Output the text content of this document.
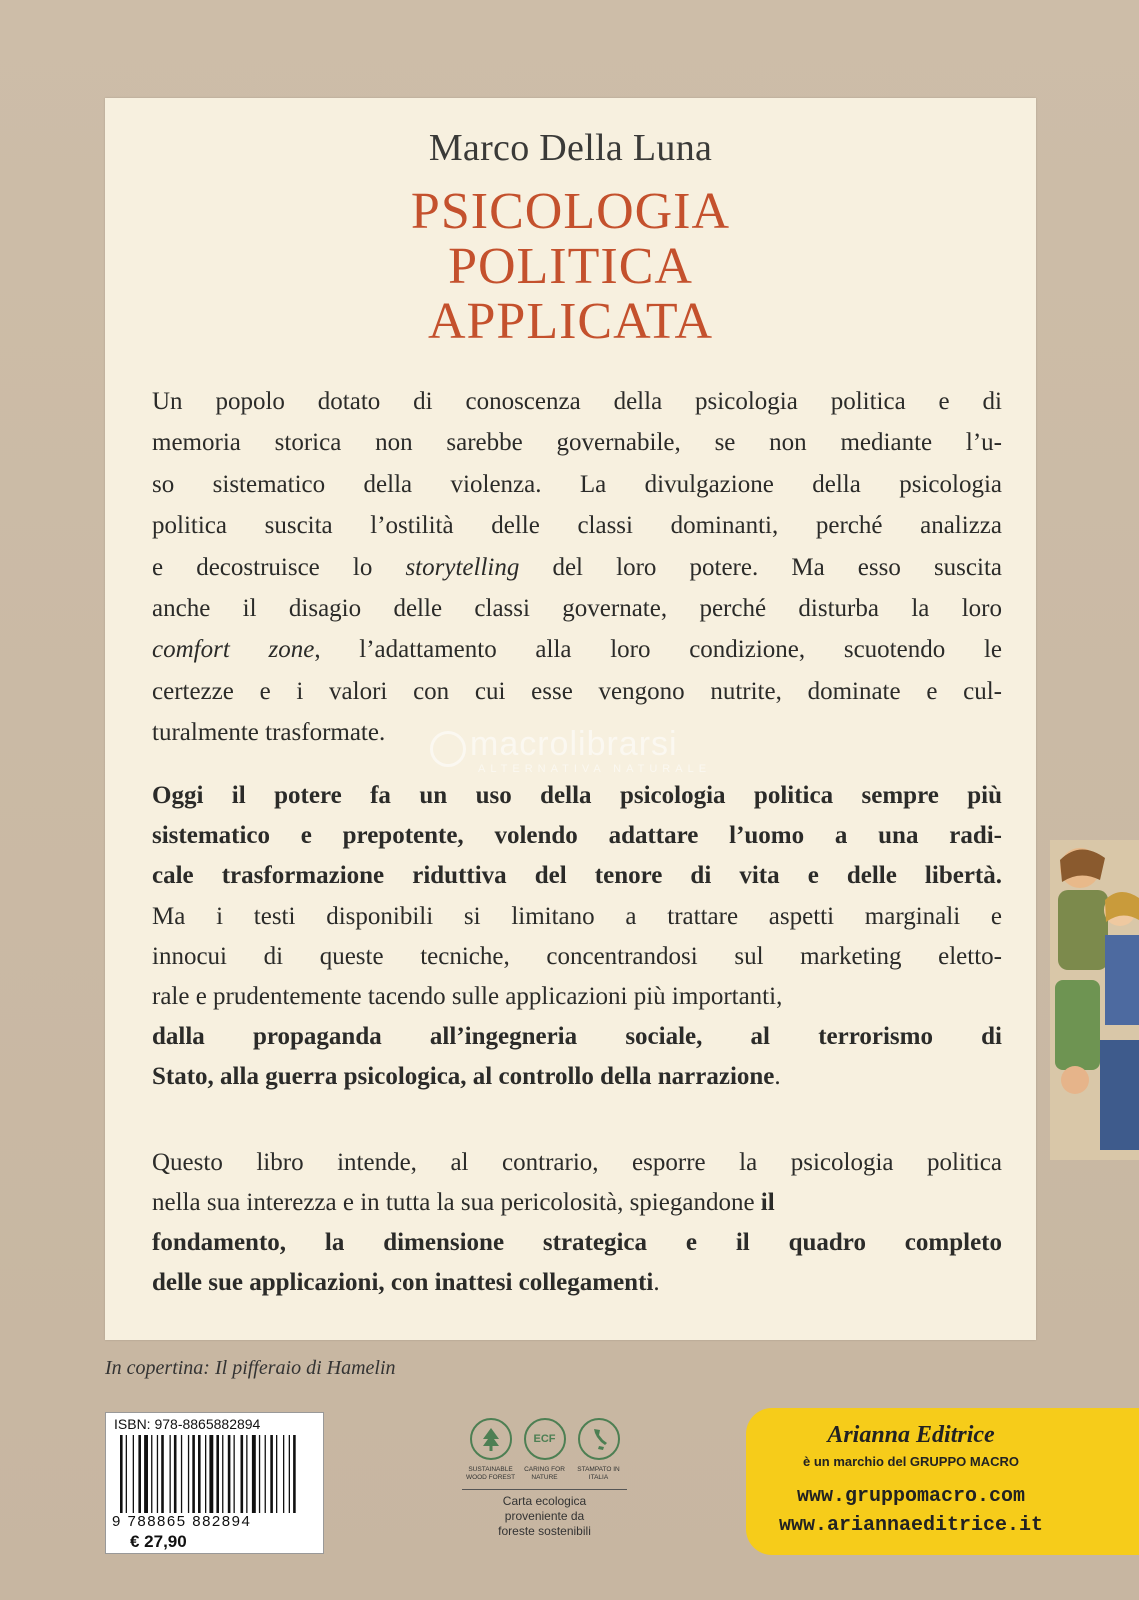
Marco Della Luna
PSICOLOGIA
POLITICA
APPLICATA
Un popolo dotato di conoscenza della psicologia politica e di memoria storica non sarebbe governabile, se non mediante l’u- so sistematico della violenza. La divulgazione della psicologia politica suscita l’ostilità delle classi dominanti, perché analizza e decostruisce lo storytelling del loro potere. Ma esso suscita anche il disagio delle classi governate, perché disturba la loro comfort zone, l’adattamento alla loro condizione, scuotendo le certezze e i valori con cui esse vengono nutrite, dominate e cul- turalmente trasformate.
Oggi il potere fa un uso della psicologia politica sempre più
sistematico e prepotente, volendo adattare l’uomo a una radi-
cale trasformazione riduttiva del tenore di vita e delle libertà.
Ma i testi disponibili si limitano a trattare aspetti marginali e innocui di queste tecniche, concentrandosi sul marketing eletto- rale e prudentemente tacendo sulle applicazioni più importanti,
dalla propaganda all’ingegneria sociale, al terrorismo di
Stato, alla guerra psicologica, al controllo della narrazione.
Questo libro intende, al contrario, esporre la psicologia politica nella sua interezza e in tutta la sua pericolosità, spiegandone il
fondamento, la dimensione strategica e il quadro completo
delle sue applicazioni, con inattesi collegamenti.
macrolibrarsi
ALTERNATIVA NATURALE
In copertina: Il pifferaio di Hamelin
ISBN: 978-8865882894
9 788865 882894
€ 27,90
ECF
SUSTAINABLE WOOD FOREST
CARING FOR NATURE
STAMPATO IN ITALIA
Carta ecologica
proveniente da
foreste sostenibili
Arianna Editrice
è un marchio del GRUPPO MACRO
www.gruppomacro.com
www.ariannaeditrice.it
